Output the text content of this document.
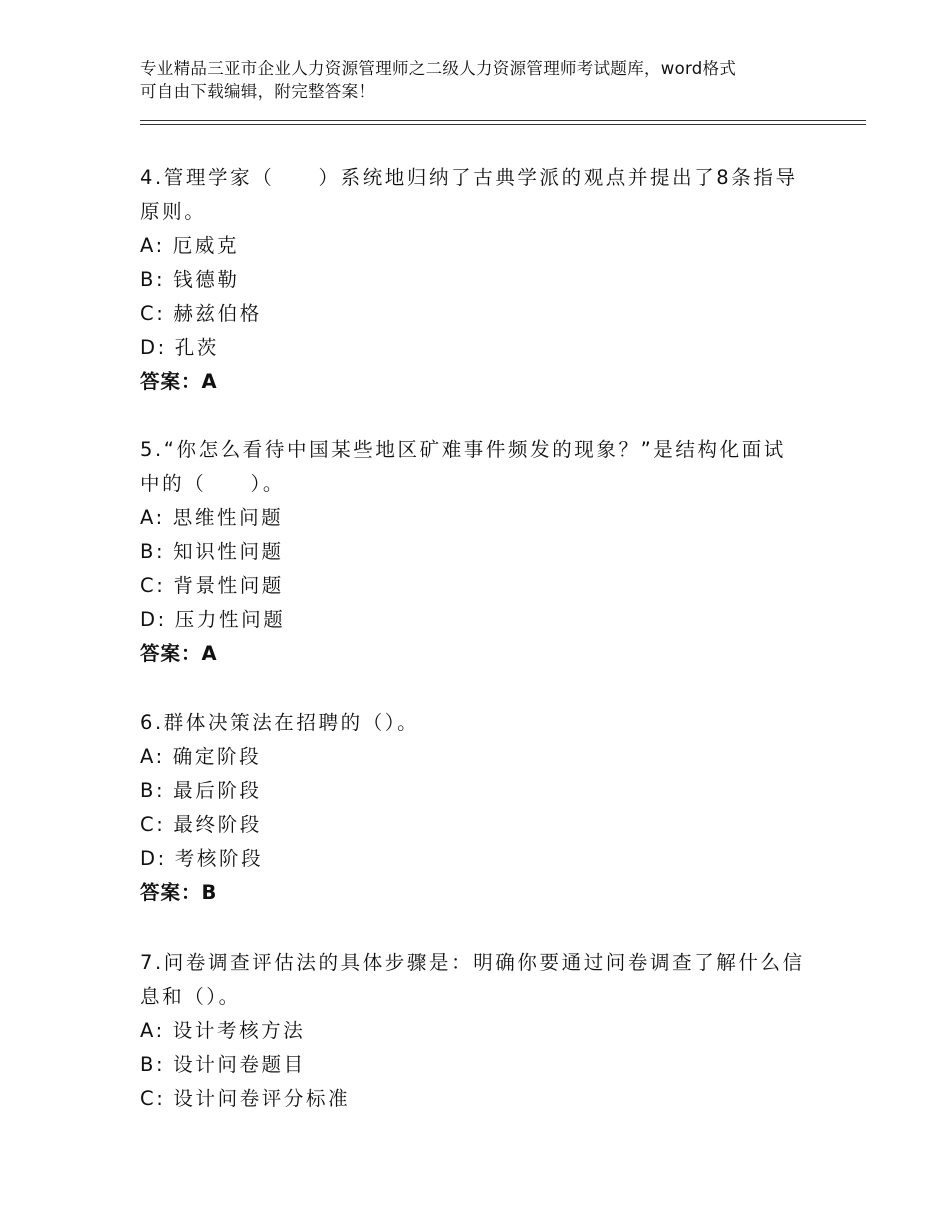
专业精品三亚市企业人力资源管理师之二级人力资源管理师考试题库，word格式
可自由下载编辑，附完整答案！
4.管理学家（　　）系统地归纳了古典学派的观点并提出了8条指导
原则。
A: 厄威克
B: 钱德勒
C: 赫兹伯格
D: 孔茨
答案：A
5.“你怎么看待中国某些地区矿难事件频发的现象？”是结构化面试
中的（　　）。
A: 思维性问题
B: 知识性问题
C: 背景性问题
D: 压力性问题
答案：A
6.群体决策法在招聘的（）。
A: 确定阶段
B: 最后阶段
C: 最终阶段
D: 考核阶段
答案：B
7.问卷调查评估法的具体步骤是：明确你要通过问卷调查了解什么信
息和（）。
A: 设计考核方法
B: 设计问卷题目
C: 设计问卷评分标准
